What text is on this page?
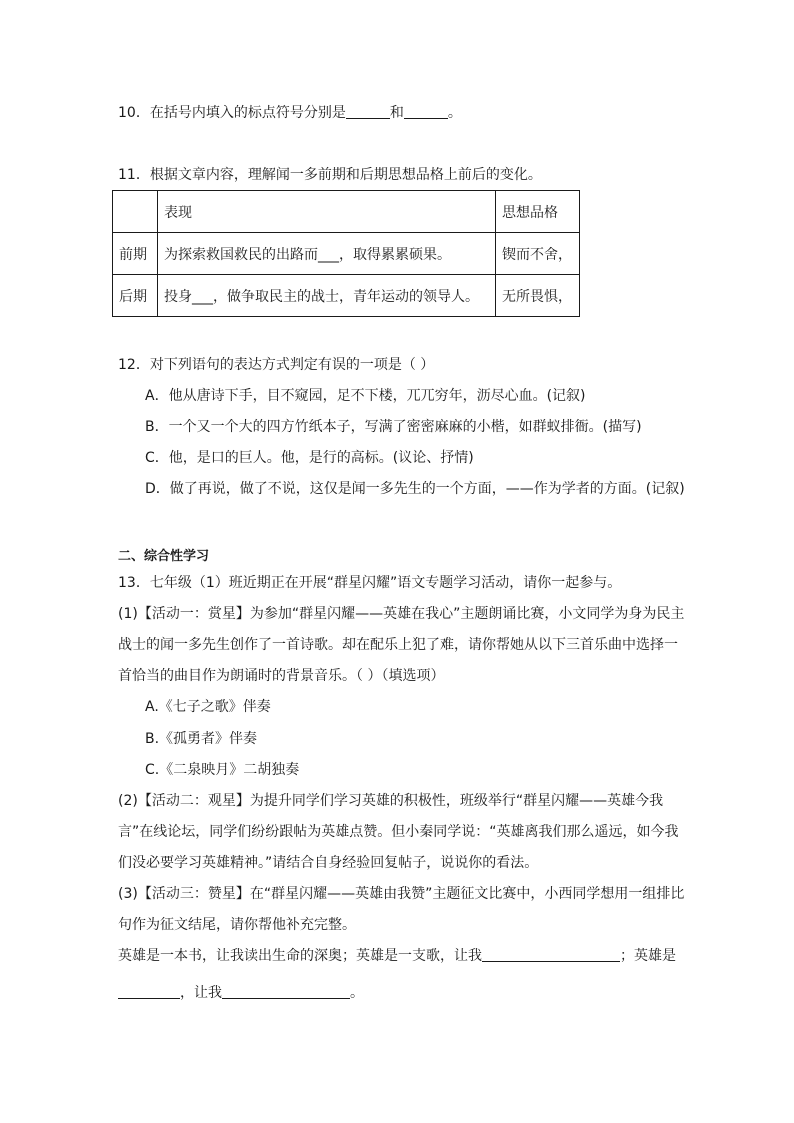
10．在括号内填入的标点符号分别是	和	。
11．根据文章内容，理解闻一多前期和后期思想品格上前后的变化。
	表现	思想品格
前期	为探索救国救民的出路而___，取得累累硕果。	锲而不舍，
后期	投身___，做争取民主的战士，青年运动的领导人。	无所畏惧，
12．对下列语句的表达方式判定有误的一项是（ ）
A．他从唐诗下手，目不窥园，足不下楼，兀兀穷年，沥尽心血。(记叙)
B．一个又一个大的四方竹纸本子，写满了密密麻麻的小楷，如群蚁排衙。(描写)
C．他，是口的巨人。他，是行的高标。(议论、抒情)
D．做了再说，做了不说，这仅是闻一多先生的一个方面，——作为学者的方面。(记叙)
二、综合性学习
13．七年级（1）班近期正在开展“群星闪耀”语文专题学习活动，请你一起参与。
(1)【活动一：赏星】为参加“群星闪耀——英雄在我心”主题朗诵比赛，小文同学为身为民主
战士的闻一多先生创作了一首诗歌。却在配乐上犯了难，请你帮她从以下三首乐曲中选择一
首恰当的曲目作为朗诵时的背景音乐。（ ）（填选项）
A.《七子之歌》伴奏
B.《孤勇者》伴奏
C.《二泉映月》二胡独奏
(2)【活动二：观星】为提升同学们学习英雄的积极性，班级举行“群星闪耀——英雄今我
言”在线论坛，同学们纷纷跟帖为英雄点赞。但小秦同学说：“英雄离我们那么遥远，如今我
们没必要学习英雄精神。”请结合自身经验回复帖子，说说你的看法。
(3)【活动三：赞星】在“群星闪耀——英雄由我赞”主题征文比赛中，小西同学想用一组排比
句作为征文结尾，请你帮他补充完整。
英雄是一本书，让我读出生命的深奥；英雄是一支歌，让我	；英雄是
，让我	。
